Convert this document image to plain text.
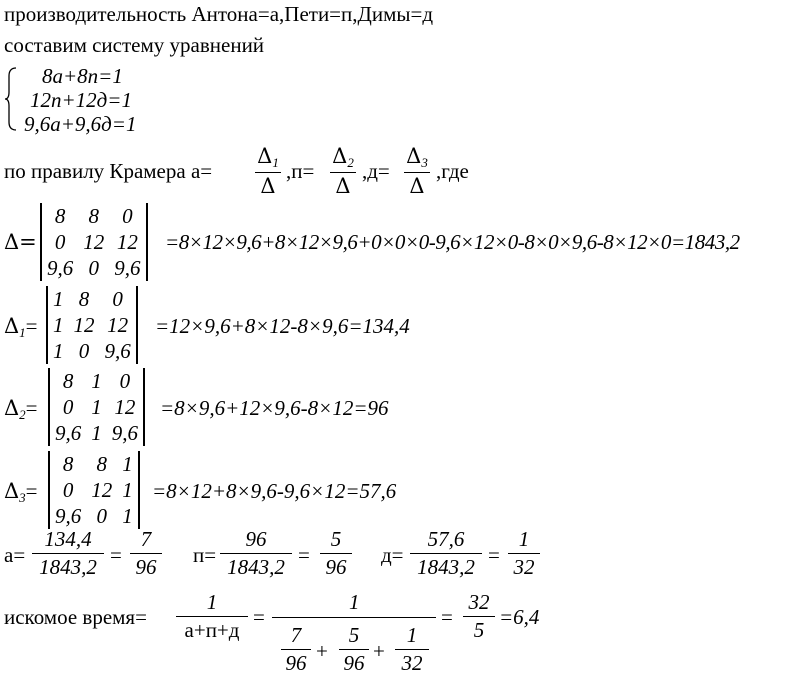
производительность Антона=а,Пети=п,Димы=д
составим систему уравнений
8а+8п=1
12п+12д=1
9,6а+9,6д=1
по правилу Крамера а=
$\Delta_1$
Δ
,п=
$\Delta_2$
Δ
,д=
$\Delta_3$
Δ
,где
Δ=
8	8	0
0	12	12
9,6	0	9,6
=8×12×9,6+8×12×9,6+0×0×0-9,6×12×0-8×0×9,6-8×12×0=1843,2
$\Delta_1=$
1	8	0
1	12	12
1	0	9,6
=12×9,6+8×12-8×9,6=134,4
$\Delta_2=$
8	1	0
0	1	12
9,6	1	9,6
=8×9,6+12×9,6-8×12=96
$\Delta_3=$
8	8	1
0	12	1
9,6	0	1
=8×12+8×9,6-9,6×12=57,6
а=
134,4
1843,2 =
7
96 п=
96
1843,2 =
5
96 д=
57,6
1843,2 =
1
32
искомое время=
1
а+п+д
=
1
7
96 +
5
96 +
1
32
=
32
5
=6,4
